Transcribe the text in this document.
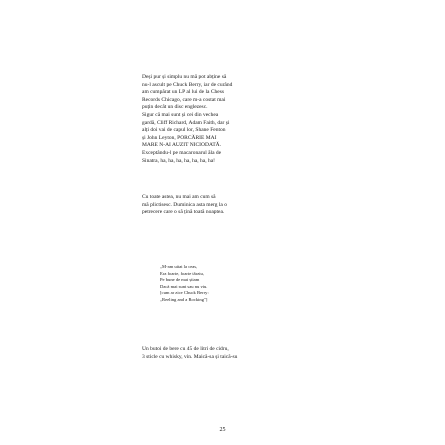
Deși pur și simplu nu mă pot abține să
nu-l ascult pe Chuck Berry, iar de curând
am cumpărat un LP al lui de la Chess
Records Chicago, care m-a costat mai
puțin decât un disc englezesc.
Sigur că mai sunt și cei din vechea
gardă, Cliff Richard, Adam Faith, dar și
alți doi vai de capul lor, Shane Fenton
și John Leyton, PORCĂRIE MAI
MARE N-AI AUZIT NICIODATĂ.
Exceptându-l pe macaronarul ăla de
Sinatra, ha, ha, ha, ha, ha, ha, ha!

Cu toate astea, nu mai am cum să
mă plictisesc. Duminica asta merg la o
petrecere care o să țină toată noaptea.

„M-am uitat la ceas,
Era foarte, foarte târziu,
Pe bune de mai știam
Dacă mai sunt sau nu viu.
[cum ar zice Chuck Berry:
„Reeling and a Rocking"]

Un butoi de bere cu 45 de litri de cidru,
3 sticle cu whisky, vin. Maică-sa și taică-su

25
